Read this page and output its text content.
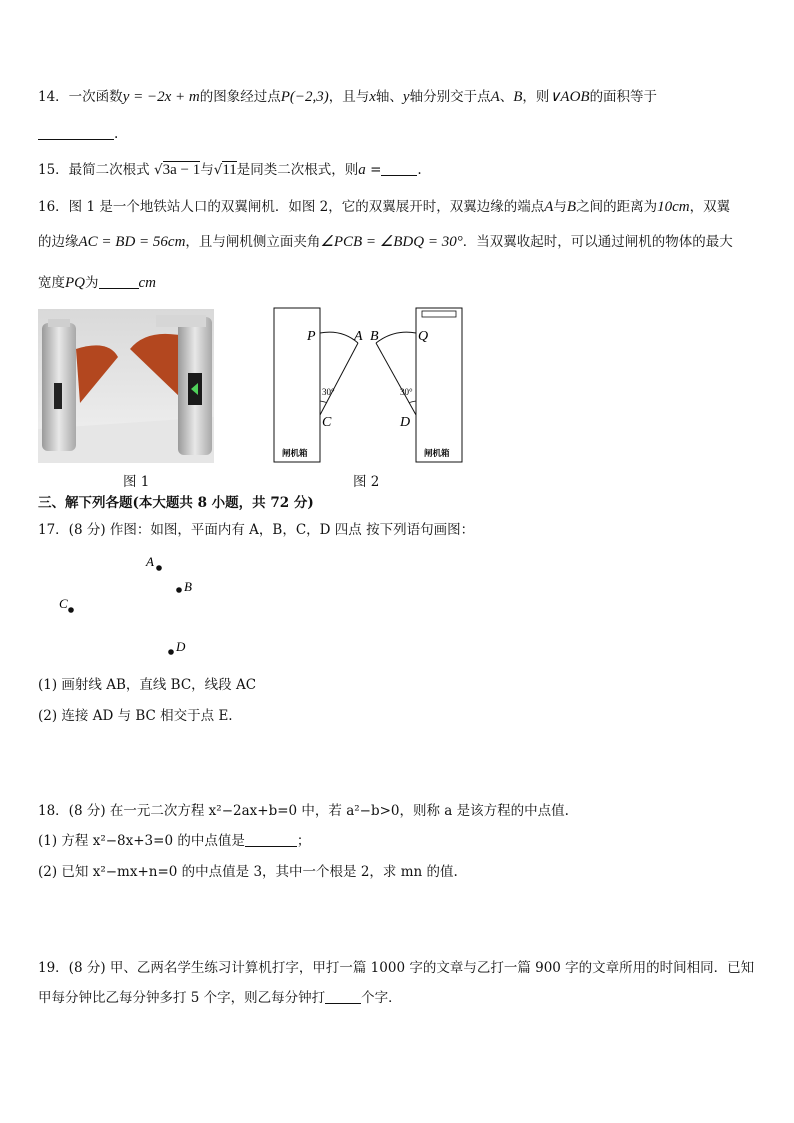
14．一次函数y = −2x + m的图象经过点P(−2,3)，且与x轴、y轴分别交于点A、B，则∨AOB的面积等于
.
15．最简二次根式 √3a − 1与√11是同类二次根式，则a =	.
16．图 1 是一个地铁站人口的双翼闸机．如图 2，它的双翼展开时，双翼边缘的端点A与B之间的距离为10cm，双翼
的边缘AC = BD = 56cm，且与闸机侧立面夹角∠PCB = ∠BDQ = 30°．当双翼收起时，可以通过闸机的物体的最大
宽度PQ为	cm
P	A B	Q
30°	30°
C	D
闸机箱	闸机箱
图 1	图 2
三、解下列各题(本大题共 8 小题，共 72 分)
17．(8 分) 作图：如图，平面内有 A，B，C，D 四点 按下列语句画图：
A
B
C
D
(1) 画射线 AB，直线 BC，线段 AC
(2) 连接 AD 与 BC 相交于点 E.
18．(8 分) 在一元二次方程 x²−2ax+b=0 中，若 a²−b>0，则称 a 是该方程的中点值.
(1) 方程 x²−8x+3=0 的中点值是	；
(2) 已知 x²−mx+n=0 的中点值是 3，其中一个根是 2，求 mn 的值.
19．(8 分) 甲、乙两名学生练习计算机打字，甲打一篇 1000 字的文章与乙打一篇 900 字的文章所用的时间相同．已知
甲每分钟比乙每分钟多打 5 个字，则乙每分钟打	个字．
